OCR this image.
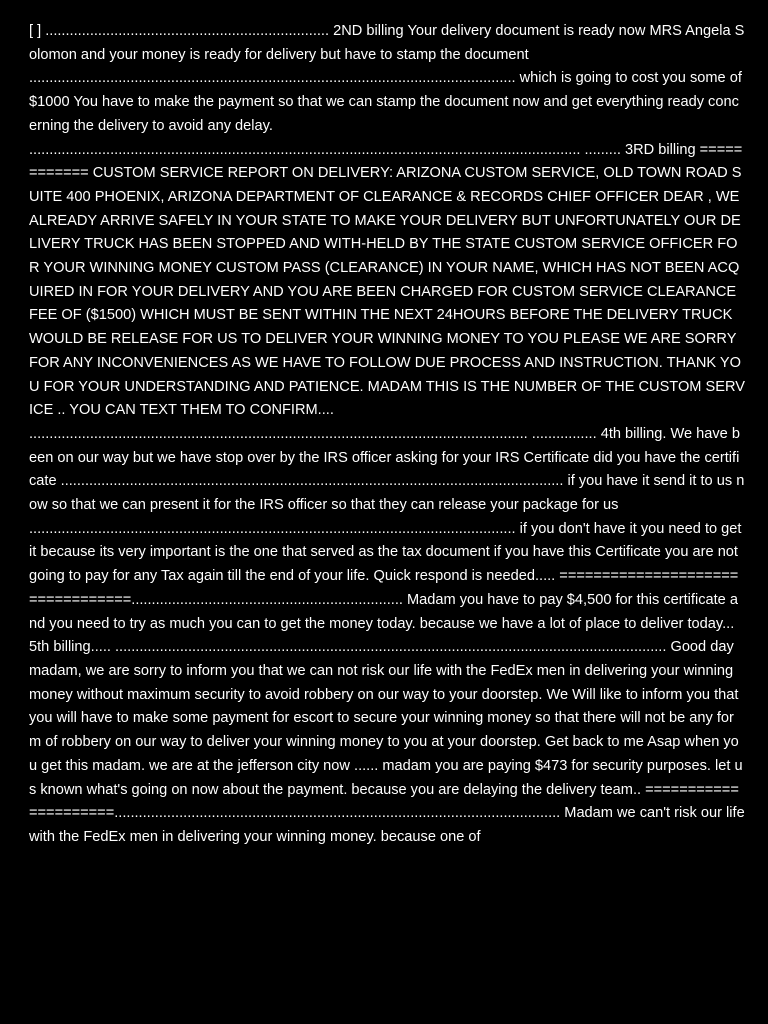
[ ] ...................................................................... 2ND billing Your delivery document is ready now MRS Angela Solomon and your money is ready for delivery but have to stamp the document ........................................................................................................................ which is going to cost you some of $1000 You have to make the payment so that we can stamp the document now and get everything ready concerning the delivery to avoid any delay. ........................................................................................................................................ ......... 3RD billing ============ CUSTOM SERVICE REPORT ON DELIVERY: ARIZONA CUSTOM SERVICE, OLD TOWN ROAD SUITE 400 PHOENIX, ARIZONA DEPARTMENT OF CLEARANCE & RECORDS CHIEF OFFICER DEAR , WE ALREADY ARRIVE SAFELY IN YOUR STATE TO MAKE YOUR DELIVERY BUT UNFORTUNATELY OUR DELIVERY TRUCK HAS BEEN STOPPED AND WITH-HELD BY THE STATE CUSTOM SERVICE OFFICER FOR YOUR WINNING MONEY CUSTOM PASS (CLEARANCE) IN YOUR NAME, WHICH HAS NOT BEEN ACQUIRED IN FOR YOUR DELIVERY AND YOU ARE BEEN CHARGED FOR CUSTOM SERVICE CLEARANCE FEE OF ($1500) WHICH MUST BE SENT WITHIN THE NEXT 24HOURS BEFORE THE DELIVERY TRUCK WOULD BE RELEASE FOR US TO DELIVER YOUR WINNING MONEY TO YOU PLEASE WE ARE SORRY FOR ANY INCONVENIENCES AS WE HAVE TO FOLLOW DUE PROCESS AND INSTRUCTION. THANK YOU FOR YOUR UNDERSTANDING AND PATIENCE. MADAM THIS IS THE NUMBER OF THE CUSTOM SERVICE .. YOU CAN TEXT THEM TO CONFIRM.... ........................................................................................................................... ................ 4th billing. We have been on our way but we have stop over by the IRS officer asking for your IRS Certificate did you have the certificate ............................................................................................................................ if you have it send it to us now so that we can present it for the IRS officer so that they can release your package for us ........................................................................................................................ if you don't have it you need to get it because its very important is the one that served as the tax document if you have this Certificate you are not going to pay for any Tax again till the end of your life. Quick respond is needed..... =================================................................................................... Madam you have to pay $4,500 for this certificate and you need to try as much you can to get the money today. because we have a lot of place to deliver today... 5th billing..... ........................................................................................................................................ Good day madam, we are sorry to inform you that we can not risk our life with the FedEx men in delivering your winning money without maximum security to avoid robbery on our way to your doorstep. We Will like to inform you that you will have to make some payment for escort to secure your winning money so that there will not be any form of robbery on our way to deliver your winning money to you at your doorstep. Get back to me Asap when you get this madam. we are at the jefferson city now ...... madam you are paying $473 for security purposes. let us known what's going on now about the payment. because you are delaying the delivery team.. =====================.............................................................................................................. Madam we can't risk our life with the FedEx men in delivering your winning money. because one of
